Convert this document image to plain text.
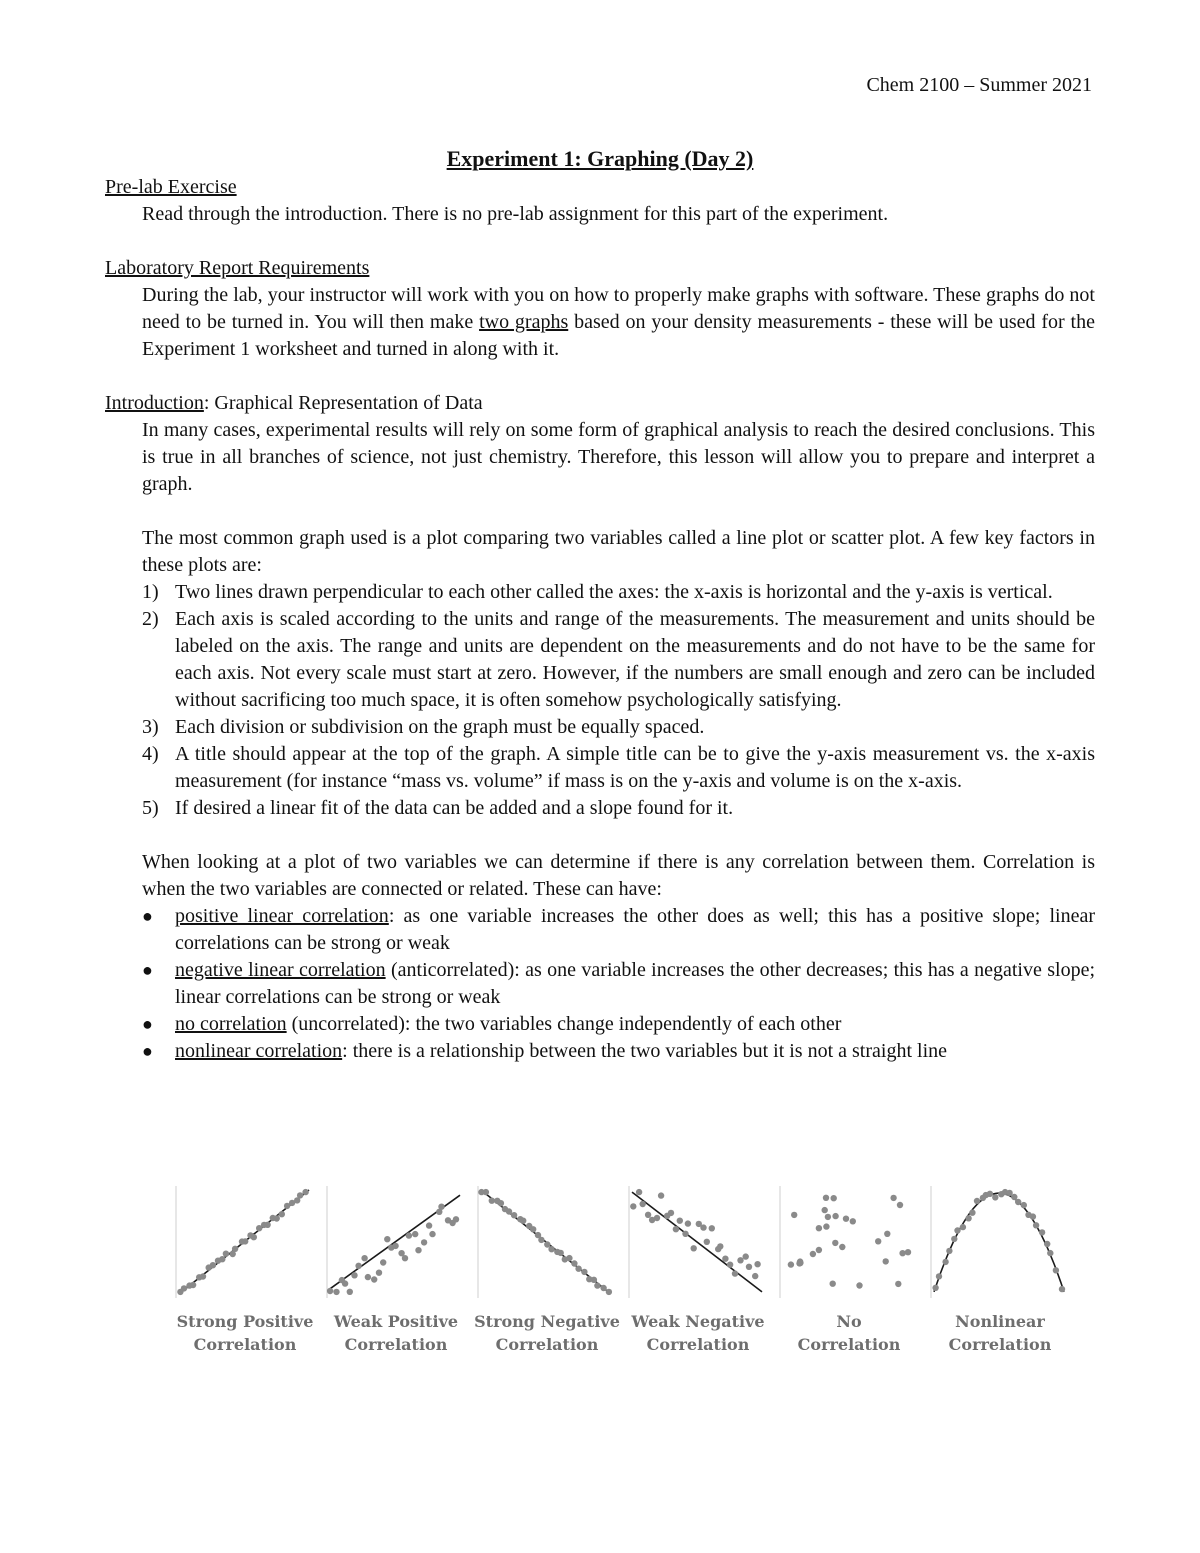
Chem 2100 – Summer 2021
Experiment 1: Graphing (Day 2)

Pre-lab Exercise

Read through the introduction. There is no pre-lab assignment for this part of the experiment.

Laboratory Report Requirements

During the lab, your instructor will work with you on how to properly make graphs with software. These graphs do not need to be turned in. You will then make two graphs based on your density measurements - these will be used for the Experiment 1 worksheet and turned in along with it.

Introduction: Graphical Representation of Data

In many cases, experimental results will rely on some form of graphical analysis to reach the desired conclusions. This is true in all branches of science, not just chemistry. Therefore, this lesson will allow you to prepare and interpret a graph.

The most common graph used is a plot comparing two variables called a line plot or scatter plot. A few key factors in these plots are:

1) Two lines drawn perpendicular to each other called the axes: the x-axis is horizontal and the y-axis is vertical.
2) Each axis is scaled according to the units and range of the measurements. The measurement and units should be labeled on the axis. The range and units are dependent on the measurements and do not have to be the same for each axis. Not every scale must start at zero. However, if the numbers are small enough and zero can be included without sacrificing too much space, it is often somehow psychologically satisfying.
3) Each division or subdivision on the graph must be equally spaced.
4) A title should appear at the top of the graph. A simple title can be to give the y-axis measurement vs. the x-axis measurement (for instance “mass vs. volume” if mass is on the y-axis and volume is on the x-axis.
5) If desired a linear fit of the data can be added and a slope found for it.

When looking at a plot of two variables we can determine if there is any correlation between them. Correlation is when the two variables are connected or related. These can have:

● positive linear correlation: as one variable increases the other does as well; this has a positive slope; linear correlations can be strong or weak
● negative linear correlation (anticorrelated): as one variable increases the other decreases; this has a negative slope; linear correlations can be strong or weak
● no correlation (uncorrelated): the two variables change independently of each other
● nonlinear correlation: there is a relationship between the two variables but it is not a straight line
Strong Positive
Correlation
Weak Positive
Correlation
Strong Negative
Correlation
Weak Negative
Correlation
No
Correlation
Nonlinear
Correlation
